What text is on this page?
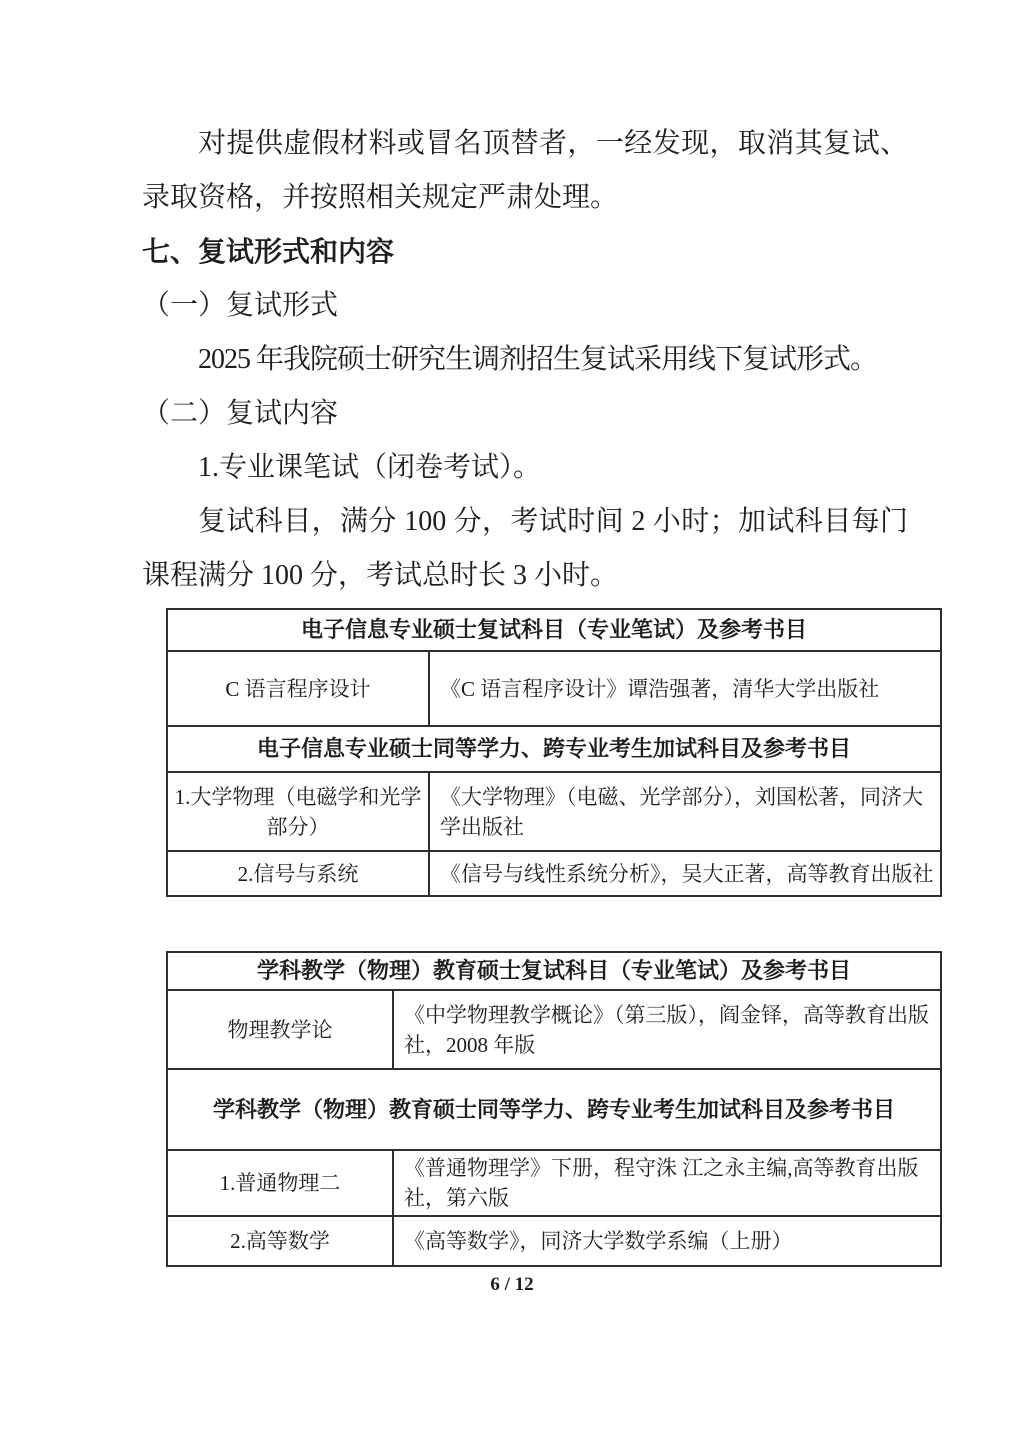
对提供虚假材料或冒名顶替者，一经发现，取消其复试、录取资格，并按照相关规定严肃处理。

七、复试形式和内容

（一）复试形式

2025 年我院硕士研究生调剂招生复试采用线下复试形式。

（二）复试内容

1.专业课笔试（闭卷考试）。

复试科目，满分 100 分，考试时间 2 小时；加试科目每门课程满分 100 分，考试总时长 3 小时。

电子信息专业硕士复试科目（专业笔试）及参考书目	
C 语言程序设计	《C 语言程序设计》谭浩强著，清华大学出版社
电子信息专业硕士同等学力、跨专业考生加试科目及参考书目	
1.大学物理（电磁学和光学部分）	《大学物理》（电磁、光学部分），刘国松著，同济大学出版社
2.信号与系统	《信号与线性系统分析》，吴大正著，高等教育出版社
学科教学（物理）教育硕士复试科目（专业笔试）及参考书目	
物理教学论	《中学物理教学概论》（第三版），阎金铎，高等教育出版社，2008 年版
学科教学（物理）教育硕士同等学力、跨专业考生加试科目及参考书目	
1.普通物理二	《普通物理学》下册，程守洙 江之永主编,高等教育出版社，第六版
2.高等数学	《高等数学》，同济大学数学系编（上册）
6 / 12
